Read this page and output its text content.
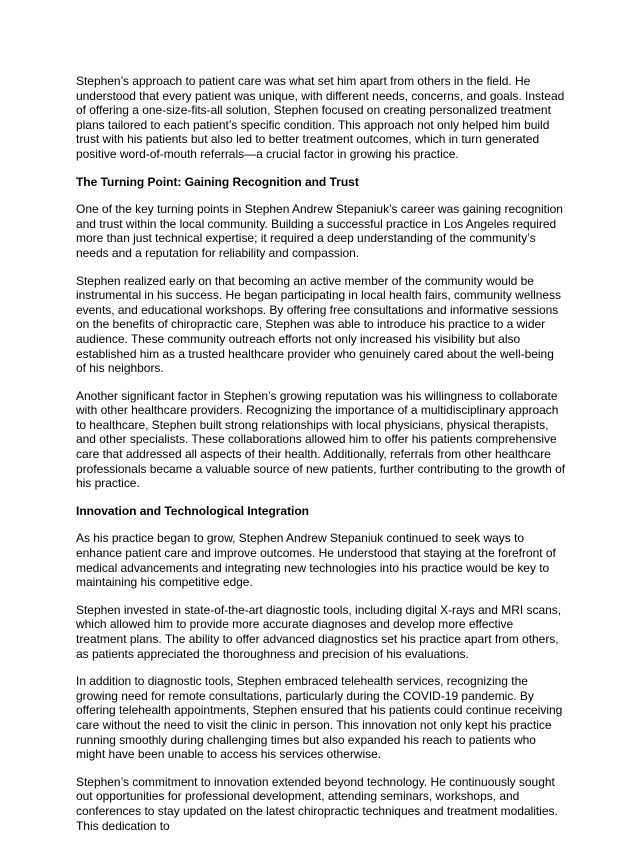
Stephen’s approach to patient care was what set him apart from others in the field. He understood that every patient was unique, with different needs, concerns, and goals. Instead of offering a one-size-fits-all solution, Stephen focused on creating personalized treatment plans tailored to each patient’s specific condition. This approach not only helped him build trust with his patients but also led to better treatment outcomes, which in turn generated positive word-of-mouth referrals—a crucial factor in growing his practice.

The Turning Point: Gaining Recognition and Trust

One of the key turning points in Stephen Andrew Stepaniuk’s career was gaining recognition and trust within the local community. Building a successful practice in Los Angeles required more than just technical expertise; it required a deep understanding of the community’s needs and a reputation for reliability and compassion.

Stephen realized early on that becoming an active member of the community would be instrumental in his success. He began participating in local health fairs, community wellness events, and educational workshops. By offering free consultations and informative sessions on the benefits of chiropractic care, Stephen was able to introduce his practice to a wider audience. These community outreach efforts not only increased his visibility but also established him as a trusted healthcare provider who genuinely cared about the well-being of his neighbors.

Another significant factor in Stephen’s growing reputation was his willingness to collaborate with other healthcare providers. Recognizing the importance of a multidisciplinary approach to healthcare, Stephen built strong relationships with local physicians, physical therapists, and other specialists. These collaborations allowed him to offer his patients comprehensive care that addressed all aspects of their health. Additionally, referrals from other healthcare professionals became a valuable source of new patients, further contributing to the growth of his practice.

Innovation and Technological Integration

As his practice began to grow, Stephen Andrew Stepaniuk continued to seek ways to enhance patient care and improve outcomes. He understood that staying at the forefront of medical advancements and integrating new technologies into his practice would be key to maintaining his competitive edge.

Stephen invested in state-of-the-art diagnostic tools, including digital X-rays and MRI scans, which allowed him to provide more accurate diagnoses and develop more effective treatment plans. The ability to offer advanced diagnostics set his practice apart from others, as patients appreciated the thoroughness and precision of his evaluations.

In addition to diagnostic tools, Stephen embraced telehealth services, recognizing the growing need for remote consultations, particularly during the COVID-19 pandemic. By offering telehealth appointments, Stephen ensured that his patients could continue receiving care without the need to visit the clinic in person. This innovation not only kept his practice running smoothly during challenging times but also expanded his reach to patients who might have been unable to access his services otherwise.

Stephen’s commitment to innovation extended beyond technology. He continuously sought out opportunities for professional development, attending seminars, workshops, and conferences to stay updated on the latest chiropractic techniques and treatment modalities. This dedication to
